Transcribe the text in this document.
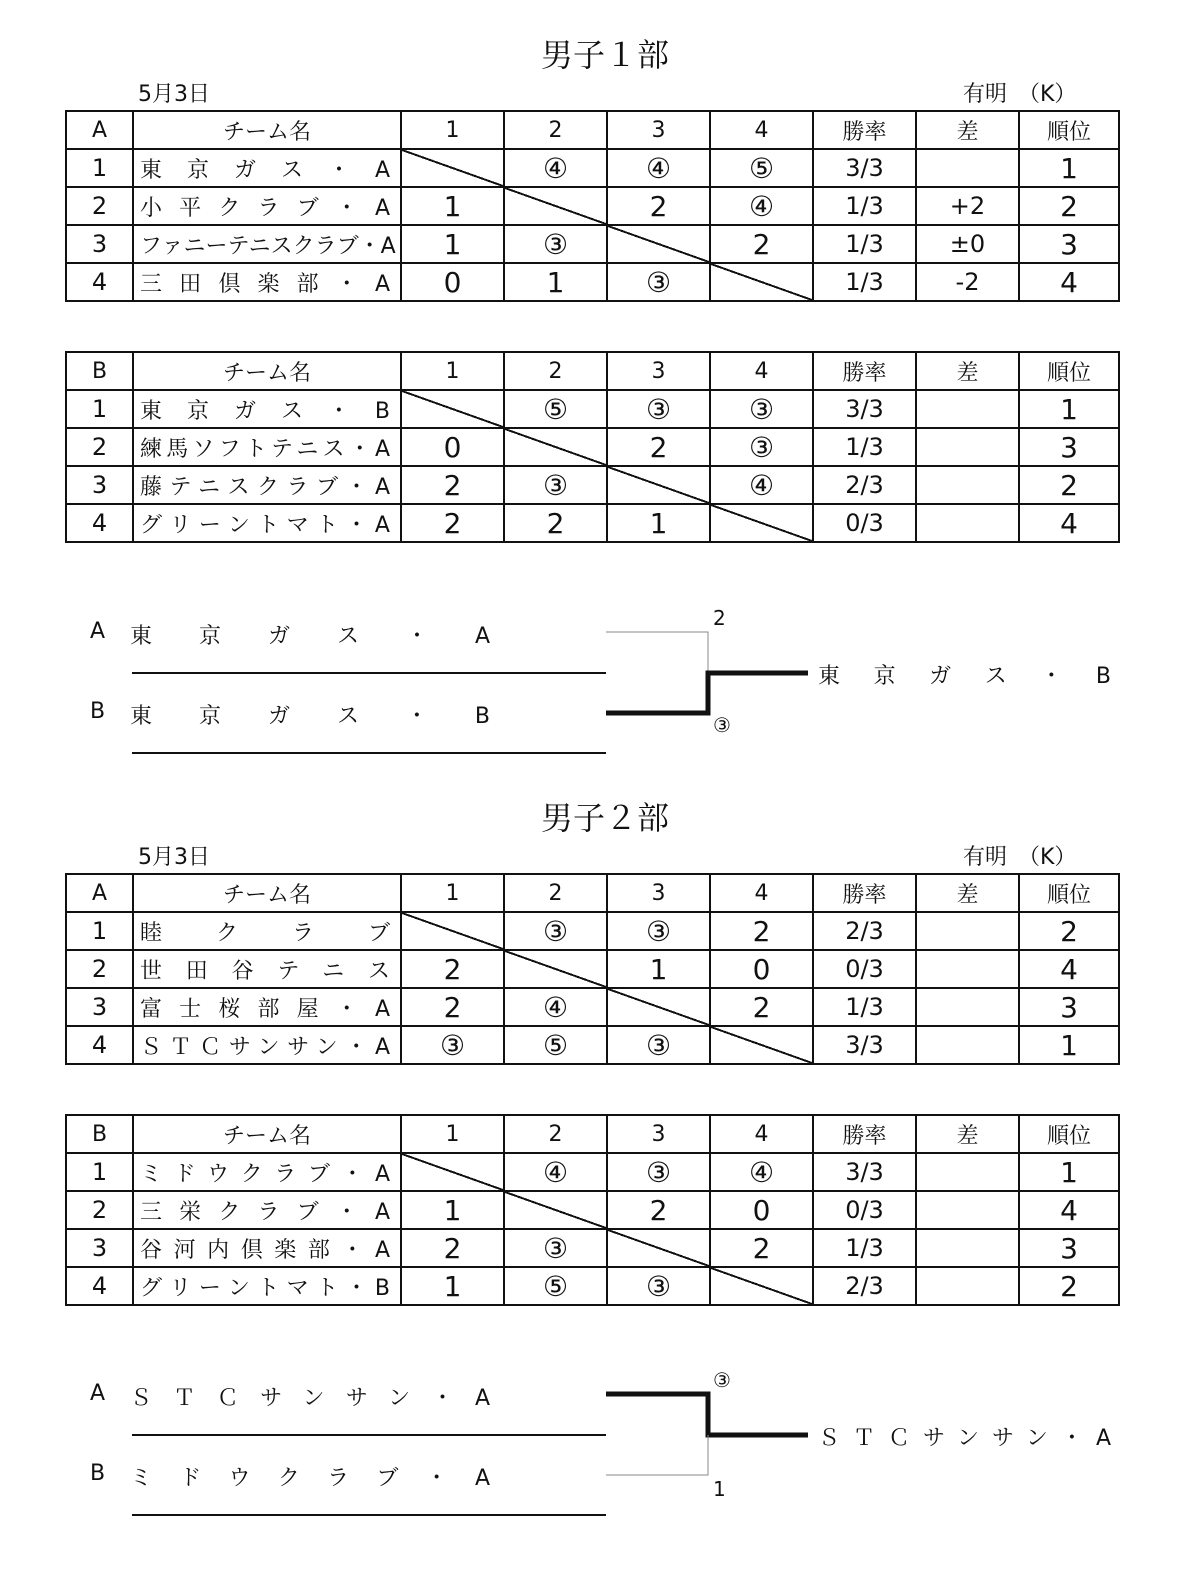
男子１部
5月3日	有明　（K）
男子２部
5月3日	有明　（K）
A	チーム名	1	2	3	4	勝率	差	順位
1	東京ガス・A		④	④	⑤	3/3		1
2	小平クラブ・A	1		2	④	1/3	+2	2
3	ファニーテニスクラブ・A	1	③		2	1/3	±0	3
4	三田倶楽部・A	0	1	③		1/3	-2	4
B	チーム名	1	2	3	4	勝率	差	順位
1	東京ガス・B		⑤	③	③	3/3		1
2	練馬ソフトテニス・A	0		2	③	1/3		3
3	藤テニスクラブ・A	2	③		④	2/3		2
4	グリーントマト・A	2	2	1		0/3		4
A	チーム名	1	2	3	4	勝率	差	順位
1	睦クラブ		③	③	2	2/3		2
2	世田谷テニス	2		1	0	0/3		4
3	富士桜部屋・A	2	④		2	1/3		3
4	ＳＴＣサンサン・A	③	⑤	③		3/3		1
B	チーム名	1	2	3	4	勝率	差	順位
1	ミドウクラブ・A		④	③	④	3/3		1
2	三栄クラブ・A	1		2	0	0/3		4
3	谷河内倶楽部・A	2	③		2	1/3		3
4	グリーントマト・B	1	⑤	③		2/3		2
A 東京ガス・A
B 東京ガス・B
2
③
東京ガス・B
A ＳＴＣサンサン・A
B ミドウクラブ・A
③
1
ＳＴＣサンサン・A
